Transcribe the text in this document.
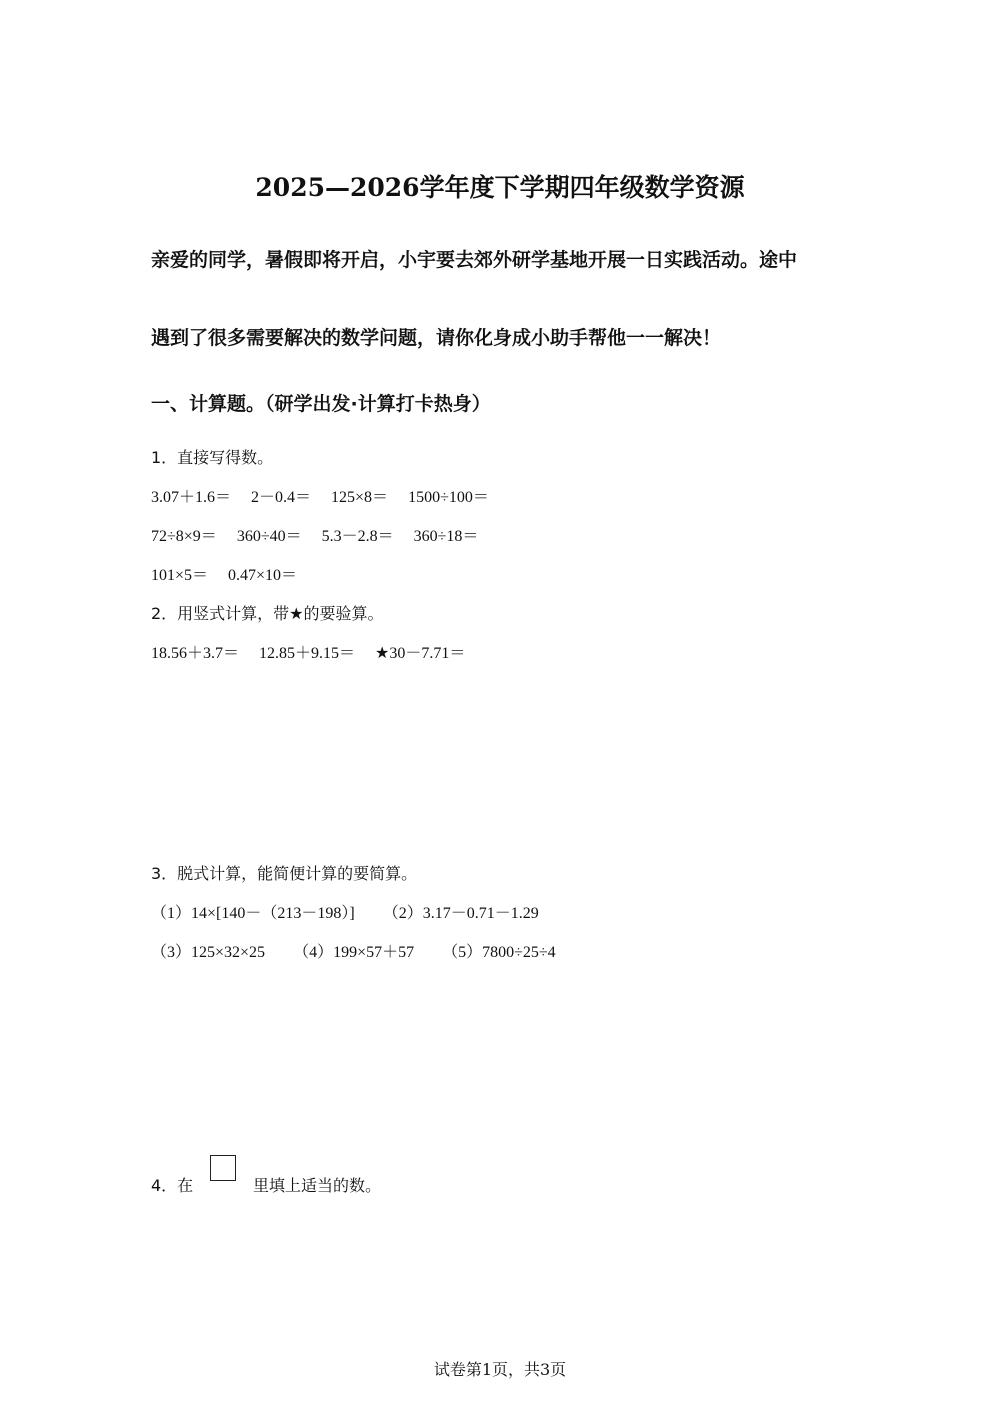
2025—2026学年度下学期四年级数学资源
亲爱的同学，暑假即将开启，小宇要去郊外研学基地开展一日实践活动。途中
遇到了很多需要解决的数学问题，请你化身成小助手帮他一一解决！
一、计算题。（研学出发·计算打卡热身）
1．直接写得数。
3.07＋1.6＝ 2－0.4＝ 125×8＝ 1500÷100＝
72÷8×9＝ 360÷40＝ 5.3－2.8＝ 360÷18＝
101×5＝ 0.47×10＝
2．用竖式计算，带★的要验算。
18.56＋3.7＝ 12.85＋9.15＝ ★30－7.71＝
3．脱式计算，能简便计算的要简算。
（1）14×[140－（213－198）] （2）3.17－0.71－1.29
（3）125×32×25 （4）199×57＋57 （5）7800÷25÷4
4．在	里填上适当的数。
试卷第1页，共3页
